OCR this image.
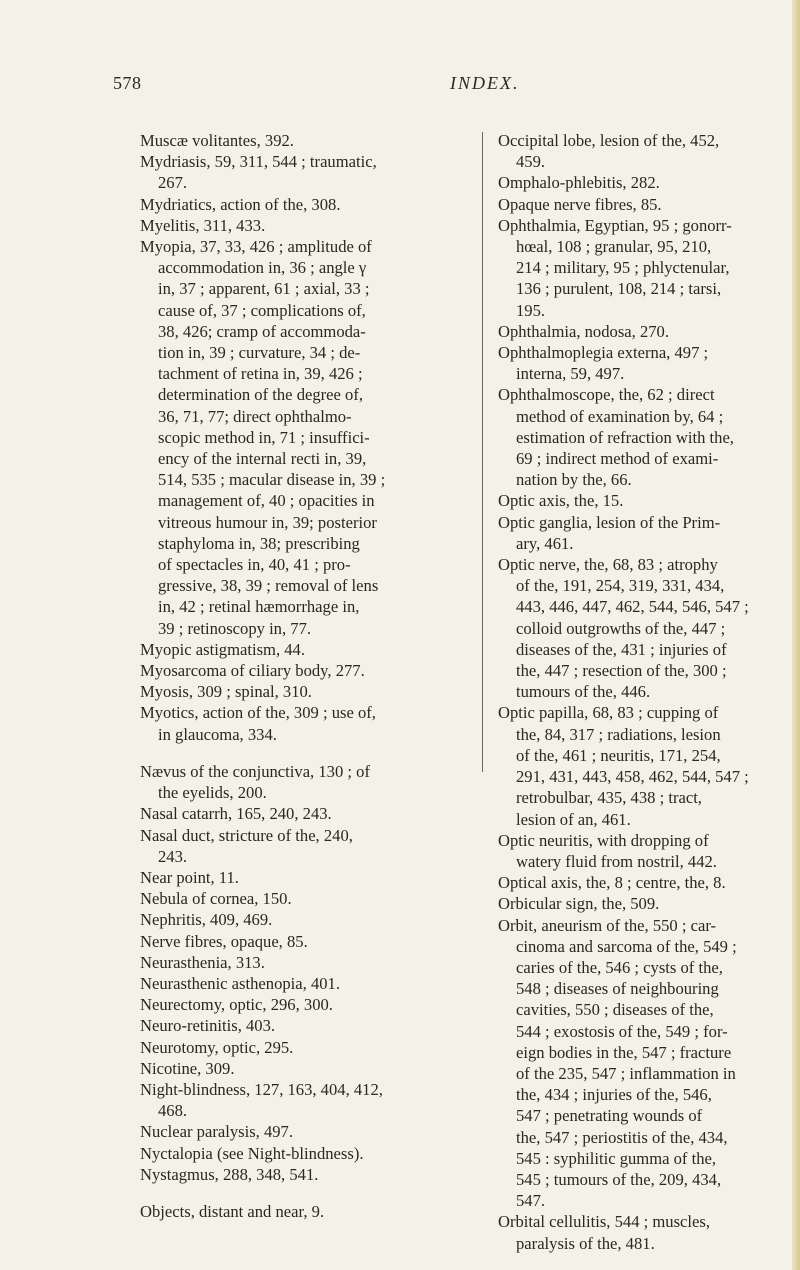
578	INDEX.

Muscæ volitantes, 392.

Mydriasis, 59, 311, 544 ; traumatic,
267.

Mydriatics, action of the, 308.

Myelitis, 311, 433.

Myopia, 37, 33, 426 ; amplitude of
accommodation in, 36 ; angle γ
in, 37 ; apparent, 61 ; axial, 33 ;
cause of, 37 ; complications of,
38, 426; cramp of accommoda-
tion in, 39 ; curvature, 34 ; de-
tachment of retina in, 39, 426 ;
determination of the degree of,
36, 71, 77; direct ophthalmo-
scopic method in, 71 ; insuffici-
ency of the internal recti in, 39,
514, 535 ; macular disease in, 39 ;
management of, 40 ; opacities in
vitreous humour in, 39; posterior
staphyloma in, 38; prescribing
of spectacles in, 40, 41 ; pro-
gressive, 38, 39 ; removal of lens
in, 42 ; retinal hæmorrhage in,
39 ; retinoscopy in, 77.

Myopic astigmatism, 44.

Myosarcoma of ciliary body, 277.

Myosis, 309 ; spinal, 310.

Myotics, action of the, 309 ; use of,
in glaucoma, 334.

Nævus of the conjunctiva, 130 ; of
the eyelids, 200.

Nasal catarrh, 165, 240, 243.

Nasal duct, stricture of the, 240,
243.

Near point, 11.

Nebula of cornea, 150.

Nephritis, 409, 469.

Nerve fibres, opaque, 85.

Neurasthenia, 313.

Neurasthenic asthenopia, 401.

Neurectomy, optic, 296, 300.

Neuro-retinitis, 403.

Neurotomy, optic, 295.

Nicotine, 309.

Night-blindness, 127, 163, 404, 412,
468.

Nuclear paralysis, 497.

Nyctalopia (see Night-blindness).

Nystagmus, 288, 348, 541.

Objects, distant and near, 9.

Occipital lobe, lesion of the, 452,
459.

Omphalo-phlebitis, 282.

Opaque nerve fibres, 85.

Ophthalmia, Egyptian, 95 ; gonorr-
hœal, 108 ; granular, 95, 210,
214 ; military, 95 ; phlyctenular,
136 ; purulent, 108, 214 ; tarsi,
195.

Ophthalmia, nodosa, 270.

Ophthalmoplegia externa, 497 ;
interna, 59, 497.

Ophthalmoscope, the, 62 ; direct
method of examination by, 64 ;
estimation of refraction with the,
69 ; indirect method of exami-
nation by the, 66.

Optic axis, the, 15.

Optic ganglia, lesion of the Prim-
ary, 461.

Optic nerve, the, 68, 83 ; atrophy
of the, 191, 254, 319, 331, 434,
443, 446, 447, 462, 544, 546, 547 ;
colloid outgrowths of the, 447 ;
diseases of the, 431 ; injuries of
the, 447 ; resection of the, 300 ;
tumours of the, 446.

Optic papilla, 68, 83 ; cupping of
the, 84, 317 ; radiations, lesion
of the, 461 ; neuritis, 171, 254,
291, 431, 443, 458, 462, 544, 547 ;
retrobulbar, 435, 438 ; tract,
lesion of an, 461.

Optic neuritis, with dropping of
watery fluid from nostril, 442.

Optical axis, the, 8 ; centre, the, 8.

Orbicular sign, the, 509.

Orbit, aneurism of the, 550 ; car-
cinoma and sarcoma of the, 549 ;
caries of the, 546 ; cysts of the,
548 ; diseases of neighbouring
cavities, 550 ; diseases of the,
544 ; exostosis of the, 549 ; for-
eign bodies in the, 547 ; fracture
of the 235, 547 ; inflammation in
the, 434 ; injuries of the, 546,
547 ; penetrating wounds of
the, 547 ; periostitis of the, 434,
545 : syphilitic gumma of the,
545 ; tumours of the, 209, 434,
547.

Orbital cellulitis, 544 ; muscles,
paralysis of the, 481.
